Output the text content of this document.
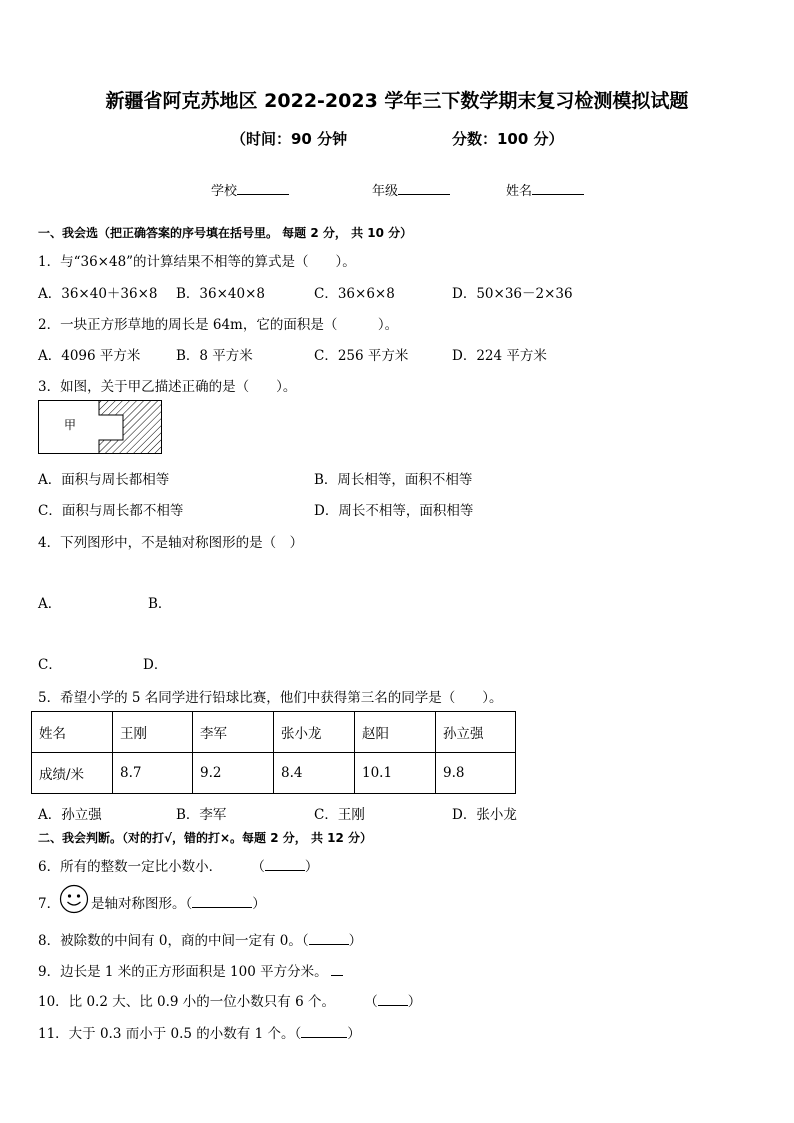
新疆省阿克苏地区 2022-2023 学年三下数学期末复习检测模拟试题
（时间：90 分钟	分数：100 分）
学校	年级	姓名
一、我会选（把正确答案的序号填在括号里。 每题 2 分， 共 10 分）
1．与“36×48”的计算结果不相等的算式是（　　）。
A．36×40＋36×8 B．36×40×8	C．36×6×8	D．50×36－2×36
2．一块正方形草地的周长是 64m，它的面积是（　　　）。
A．4096 平方米	B．8 平方米	C．256 平方米	D．224 平方米
3．如图，关于甲乙描述正确的是（　　）。
甲
A．面积与周长都相等	B．周长相等，面积不相等
C．面积与周长都不相等	D．周长不相等，面积相等
4．下列图形中，不是轴对称图形的是（　）
A．	B．
C．	D．
5．希望小学的 5 名同学进行铅球比赛，他们中获得第三名的同学是（　　）。
姓名	王刚	李军	张小龙	赵阳	孙立强
成绩/米	8.7	9.2	8.4	10.1	9.8
A．孙立强	B．李军	C．王刚	D．张小龙
二、我会判断。（对的打√，错的打×。每题 2 分， 共 12 分）
6．所有的整数一定比小数小．	（	）
7． 是轴对称图形。（	）
8．被除数的中间有 0，商的中间一定有 0。（	）
9．边长是 1 米的正方形面积是 100 平方分米。
10．比 0.2 大、比 0.9 小的一位小数只有 6 个。	（ ）
11．大于 0.3 而小于 0.5 的小数有 1 个。（	）
